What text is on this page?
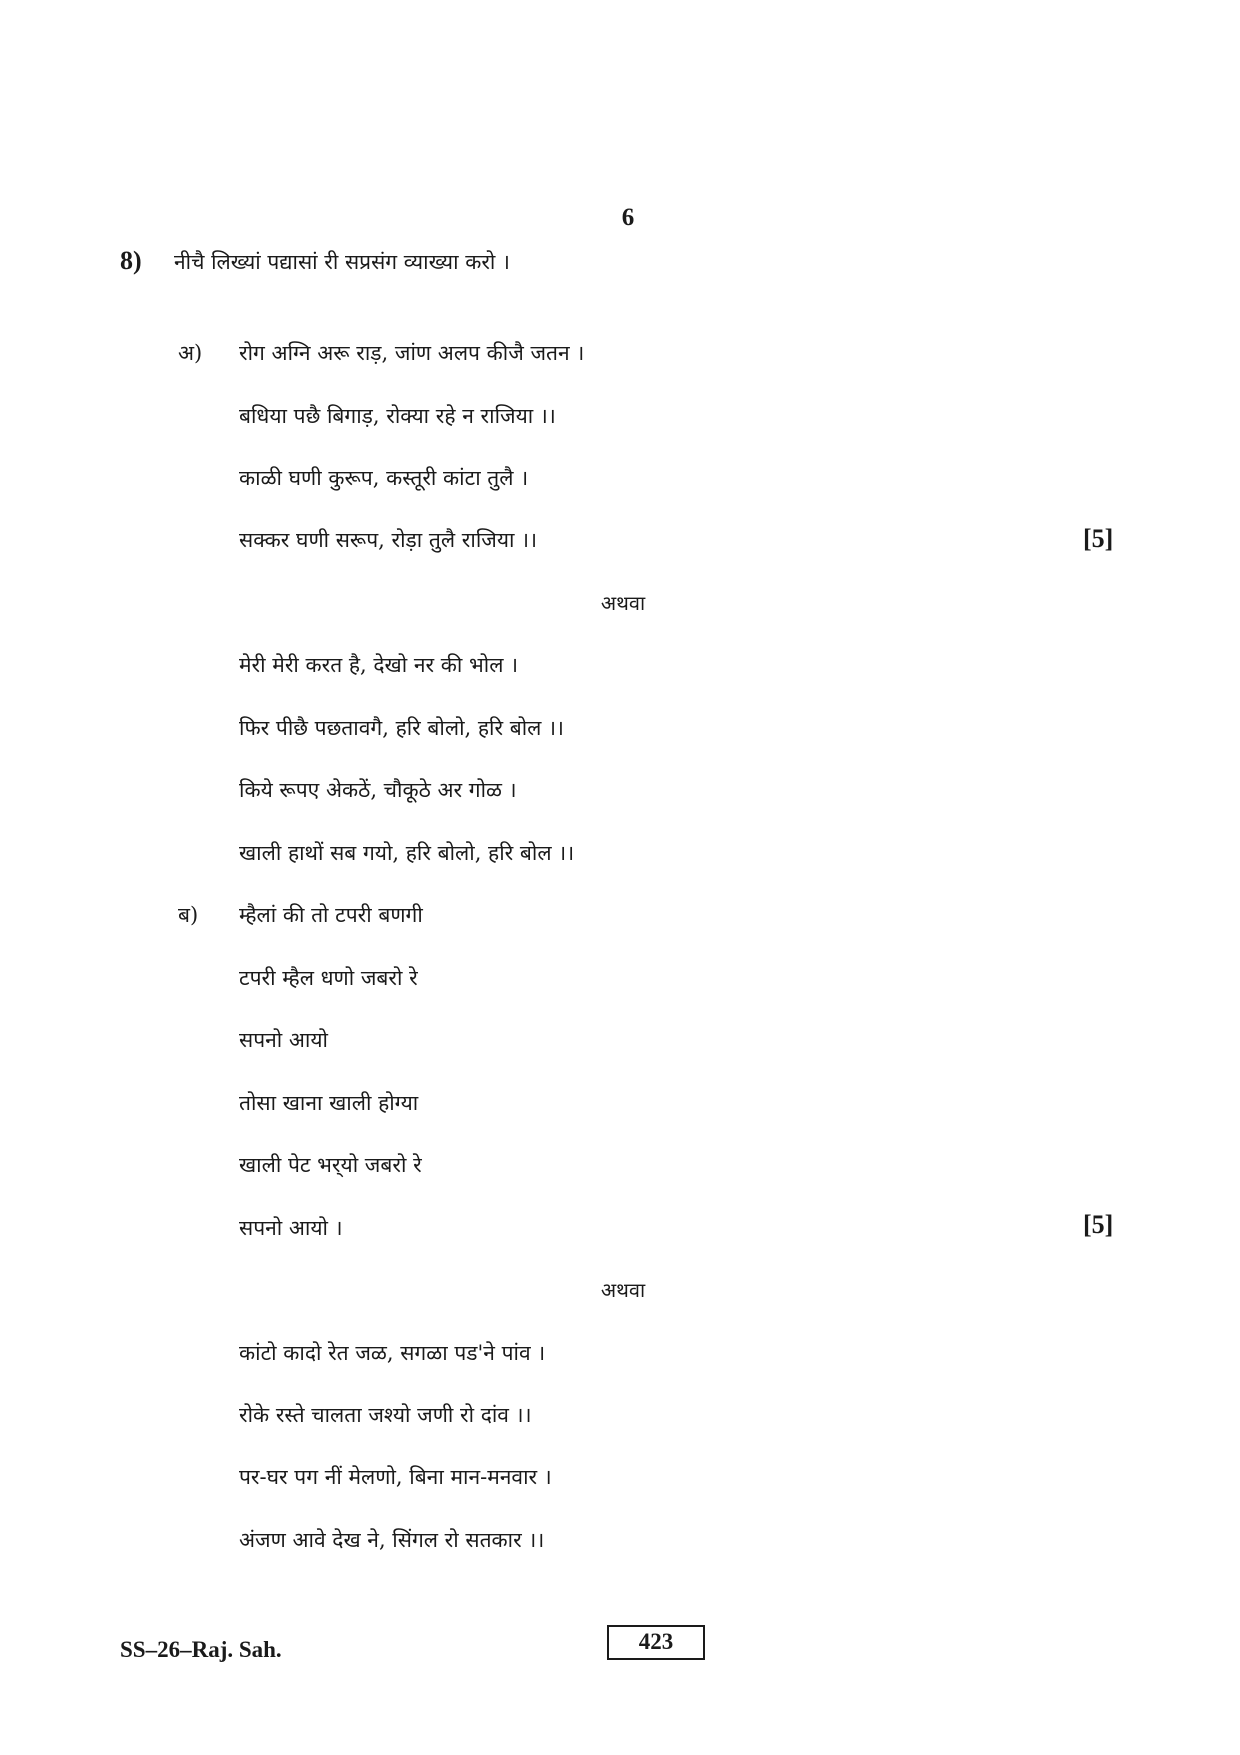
6
8) नीचै लिख्यां पद्यासां री सप्रसंग व्याख्या करो ।
अ) रोग अग्नि अरू राड़, जांण अलप कीजै जतन ।
बधिया पछै बिगाड़, रोक्या रहे न राजिया ।।
काळी घणी कुरूप, कस्तूरी कांटा तुलै ।
सक्कर घणी सरूप, रोड़ा तुलै राजिया ।।	[5]
अथवा
मेरी मेरी करत है, देखो नर की भोल ।
फिर पीछै पछतावगै, हरि बोलो, हरि बोल ।।
किये रूपए अेकठें, चौकूठे अर गोळ ।
खाली हाथों सब गयो, हरि बोलो, हरि बोल ।।
ब) म्हैलां की तो टपरी बणगी
टपरी म्हैल धणो जबरो रे
सपनो आयो
तोसा खाना खाली होग्या
खाली पेट भर्‌यो जबरो रे
सपनो आयो ।	[5]
अथवा
कांटो कादो रेत जळ, सगळा पड'ने पांव ।
रोके रस्ते चालता जश्यो जणी रो दांव ।।
पर-घर पग नीं मेलणो, बिना मान-मनवार ।
अंजण आवे देख ने, सिंगल रो सतकार ।।
SS–26–Raj. Sah.	423
